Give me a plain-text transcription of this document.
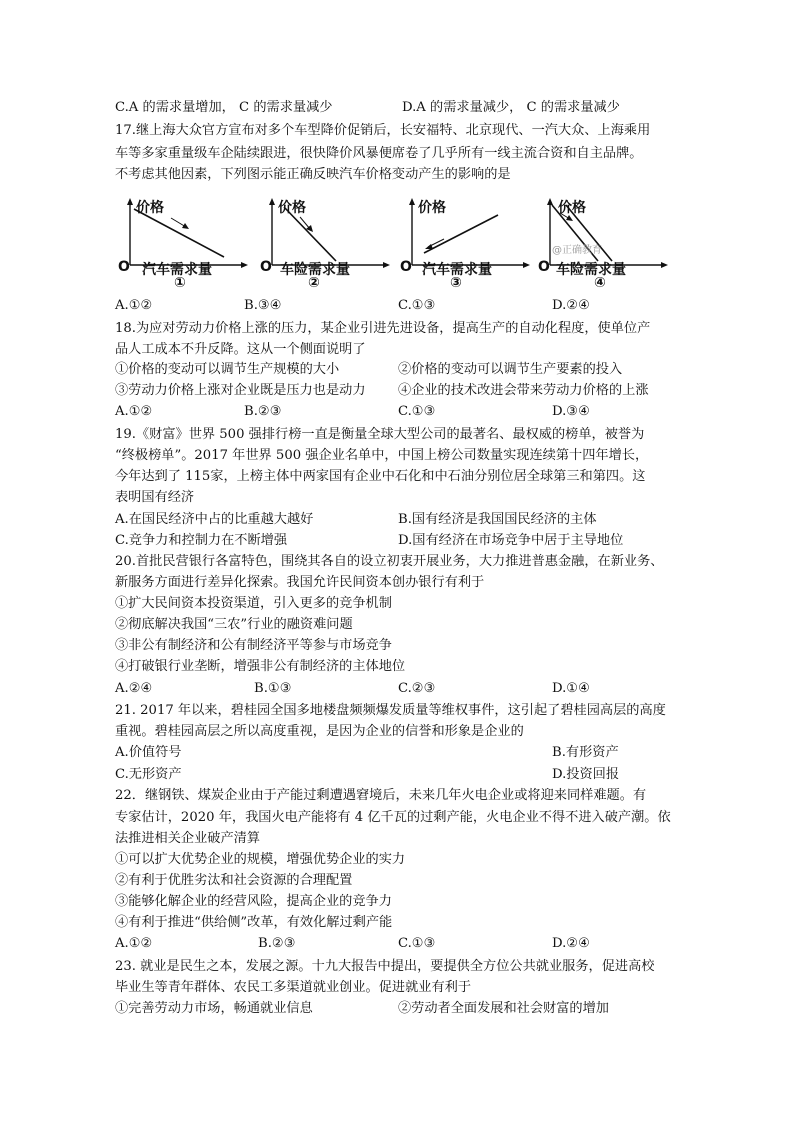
C.A 的需求量增加， C 的需求量减少	D.A 的需求量减少， C 的需求量减少
17.继上海大众官方宣布对多个车型降价促销后，长安福特、北京现代、一汽大众、上海乘用
车等多家重量级车企陆续跟进，很快降价风暴便席卷了几乎所有一线主流合资和自主品牌。
不考虑其他因素，下列图示能正确反映汽车价格变动产生的影响的是
价格
O 汽车需求量
①
价格
O 车险需求量
②
价格
O 汽车需求量
③
价格
@正确教育
O 车险需求量
④
A.①②	B.③④	C.①③	D.②④
18.为应对劳动力价格上涨的压力，某企业引进先进设备，提高生产的自动化程度，使单位产
品人工成本不升反降。这从一个侧面说明了
①价格的变动可以调节生产规模的大小	②价格的变动可以调节生产要素的投入
③劳动力价格上涨对企业既是压力也是动力 ④企业的技术改进会带来劳动力价格的上涨
A.①②	B.②③	C.①③	D.③④
19.《财富》世界 500 强排行榜一直是衡量全球大型公司的最著名、最权威的榜单，被誉为
“终极榜单”。2017 年世界 500 强企业名单中，中国上榜公司数量实现连续第十四年增长，
今年达到了 115家，上榜主体中两家国有企业中石化和中石油分别位居全球第三和第四。这
表明国有经济
A.在国民经济中占的比重越大越好	B.国有经济是我国国民经济的主体
C.竞争力和控制力在不断增强	D.国有经济在市场竞争中居于主导地位
20.首批民营银行各富特色，围绕其各自的设立初衷开展业务，大力推进普惠金融，在新业务、
新服务方面进行差异化探索。我国允许民间资本创办银行有利于
①扩大民间资本投资渠道，引入更多的竞争机制
②彻底解决我国“三农”行业的融资难问题
③非公有制经济和公有制经济平等参与市场竞争
④打破银行业垄断，增强非公有制经济的主体地位
A.②④	B.①③	C.②③	D.①④
21. 2017 年以来，碧桂园全国多地楼盘频频爆发质量等维权事件，这引起了碧桂园高层的高度
重视。碧桂园高层之所以高度重视，是因为企业的信誉和形象是企业的
A.价值符号	B.有形资产
C.无形资产	D.投资回报
22．继钢铁、煤炭企业由于产能过剩遭遇窘境后，未来几年火电企业或将迎来同样难题。有
专家估计，2020 年，我国火电产能将有 4 亿千瓦的过剩产能，火电企业不得不进入破产潮。依
法推进相关企业破产清算
①可以扩大优势企业的规模，增强优势企业的实力
②有利于优胜劣汰和社会资源的合理配置
③能够化解企业的经营风险，提高企业的竞争力
④有利于推进“供给侧”改革，有效化解过剩产能
A.①②	B.②③	C.①③	D.②④
23. 就业是民生之本，发展之源。十九大报告中提出，要提供全方位公共就业服务，促进高校
毕业生等青年群体、农民工多渠道就业创业。促进就业有利于
①完善劳动力市场，畅通就业信息	②劳动者全面发展和社会财富的增加
